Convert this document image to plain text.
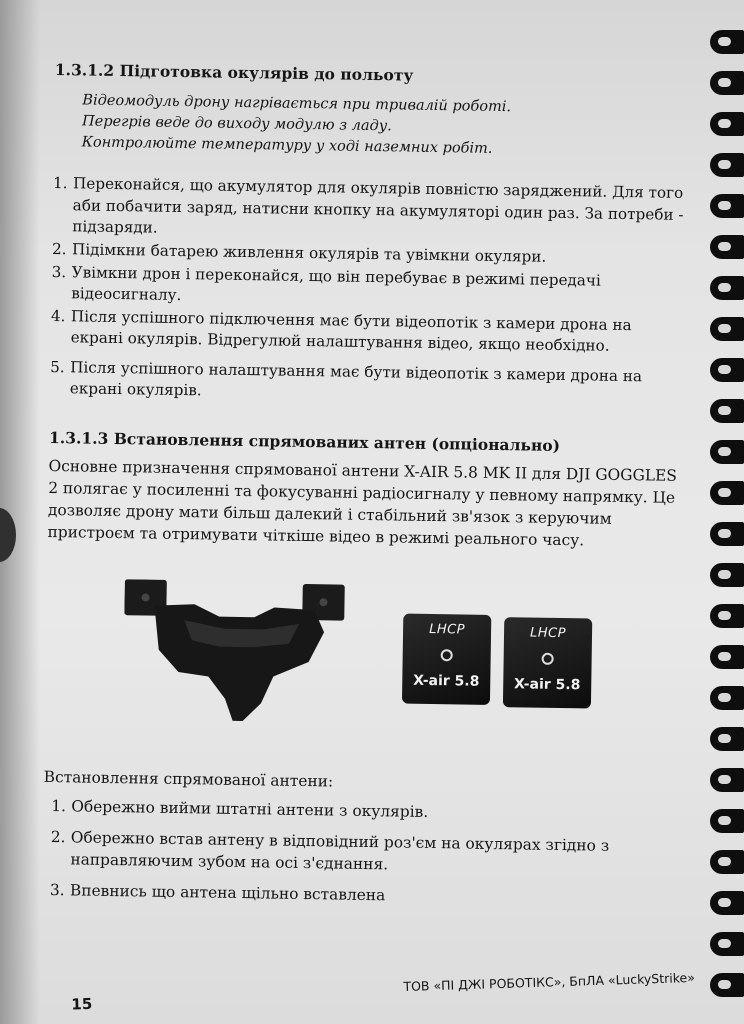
1.3.1.2 Підготовка окулярів до польоту
Відеомодуль дрону нагрівається при тривалій роботі.
Перегрів веде до виходу модулю з ладу.
Контролюйте температуру у ході наземних робіт.
1. Переконайся, що акумулятор для окулярів повністю заряджений. Для того аби побачити заряд, натисни кнопку на акумуляторі один раз. За потреби - підзаряди.
2. Підімкни батарею живлення окулярів та увімкни окуляри.
3. Увімкни дрон і переконайся, що він перебуває в режимі передачі відеосигналу.
4. Після успішного підключення має бути відеопотік з камери дрона на екрані окулярів. Відрегулюй налаштування відео, якщо необхідно.
5. Після успішного налаштування має бути відеопотік з камери дрона на екрані окулярів.
1.3.1.3 Встановлення спрямованих антен (опціонально)

Основне призначення спрямованої антени X-AIR 5.8 MK II для DJI GOGGLES 2 полягає у посиленні та фокусуванні радіосигналу у певному напрямку. Це дозволяє дрону мати більш далекий і стабільний зв'язок з керуючим пристроєм та отримувати чіткіше відео в режимі реального часу.

LHCP
X-air 5.8
LHCP
X-air 5.8
Встановлення спрямованої антени:
1. Обережно вийми штатні антени з окулярів.
2. Обережно встав антену в відповідний роз'єм на окулярах згідно з направляючим зубом на осі з'єднання.
3. Впевнись що антена щільно вставлена
15
ТОВ «ПІ ДЖІ РОБОТІКС», БпЛА «LuckyStrike»
